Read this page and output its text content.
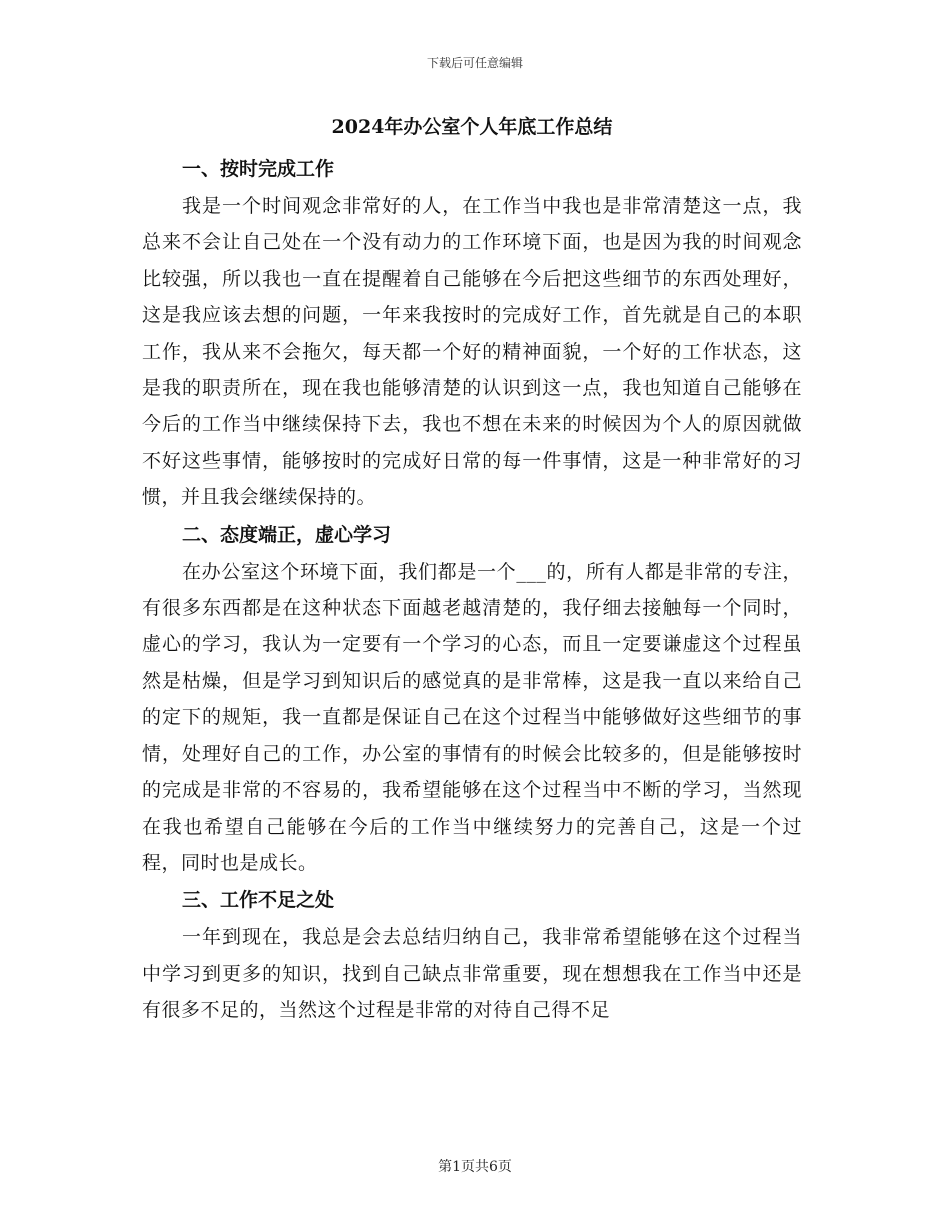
下载后可任意编辑
2024年办公室个人年底工作总结

一、按时完成工作

我是一个时间观念非常好的人，在工作当中我也是非常清楚这一点，我总来不会让自己处在一个没有动力的工作环境下面，也是因为我的时间观念比较强，所以我也一直在提醒着自己能够在今后把这些细节的东西处理好，这是我应该去想的问题，一年来我按时的完成好工作，首先就是自己的本职工作，我从来不会拖欠，每天都一个好的精神面貌，一个好的工作状态，这是我的职责所在，现在我也能够清楚的认识到这一点，我也知道自己能够在今后的工作当中继续保持下去，我也不想在未来的时候因为个人的原因就做不好这些事情，能够按时的完成好日常的每一件事情，这是一种非常好的习惯，并且我会继续保持的。

二、态度端正，虚心学习

在办公室这个环境下面，我们都是一个___的，所有人都是非常的专注，有很多东西都是在这种状态下面越老越清楚的，我仔细去接触每一个同时，虚心的学习，我认为一定要有一个学习的心态，而且一定要谦虚这个过程虽然是枯燥，但是学习到知识后的感觉真的是非常棒，这是我一直以来给自己的定下的规矩，我一直都是保证自己在这个过程当中能够做好这些细节的事情，处理好自己的工作，办公室的事情有的时候会比较多的，但是能够按时的完成是非常的不容易的，我希望能够在这个过程当中不断的学习，当然现在我也希望自己能够在今后的工作当中继续努力的完善自己，这是一个过程，同时也是成长。

三、工作不足之处

一年到现在，我总是会去总结归纳自己，我非常希望能够在这个过程当中学习到更多的知识，找到自己缺点非常重要，现在想想我在工作当中还是有很多不足的，当然这个过程是非常的对待自己得不足

第1页共6页
